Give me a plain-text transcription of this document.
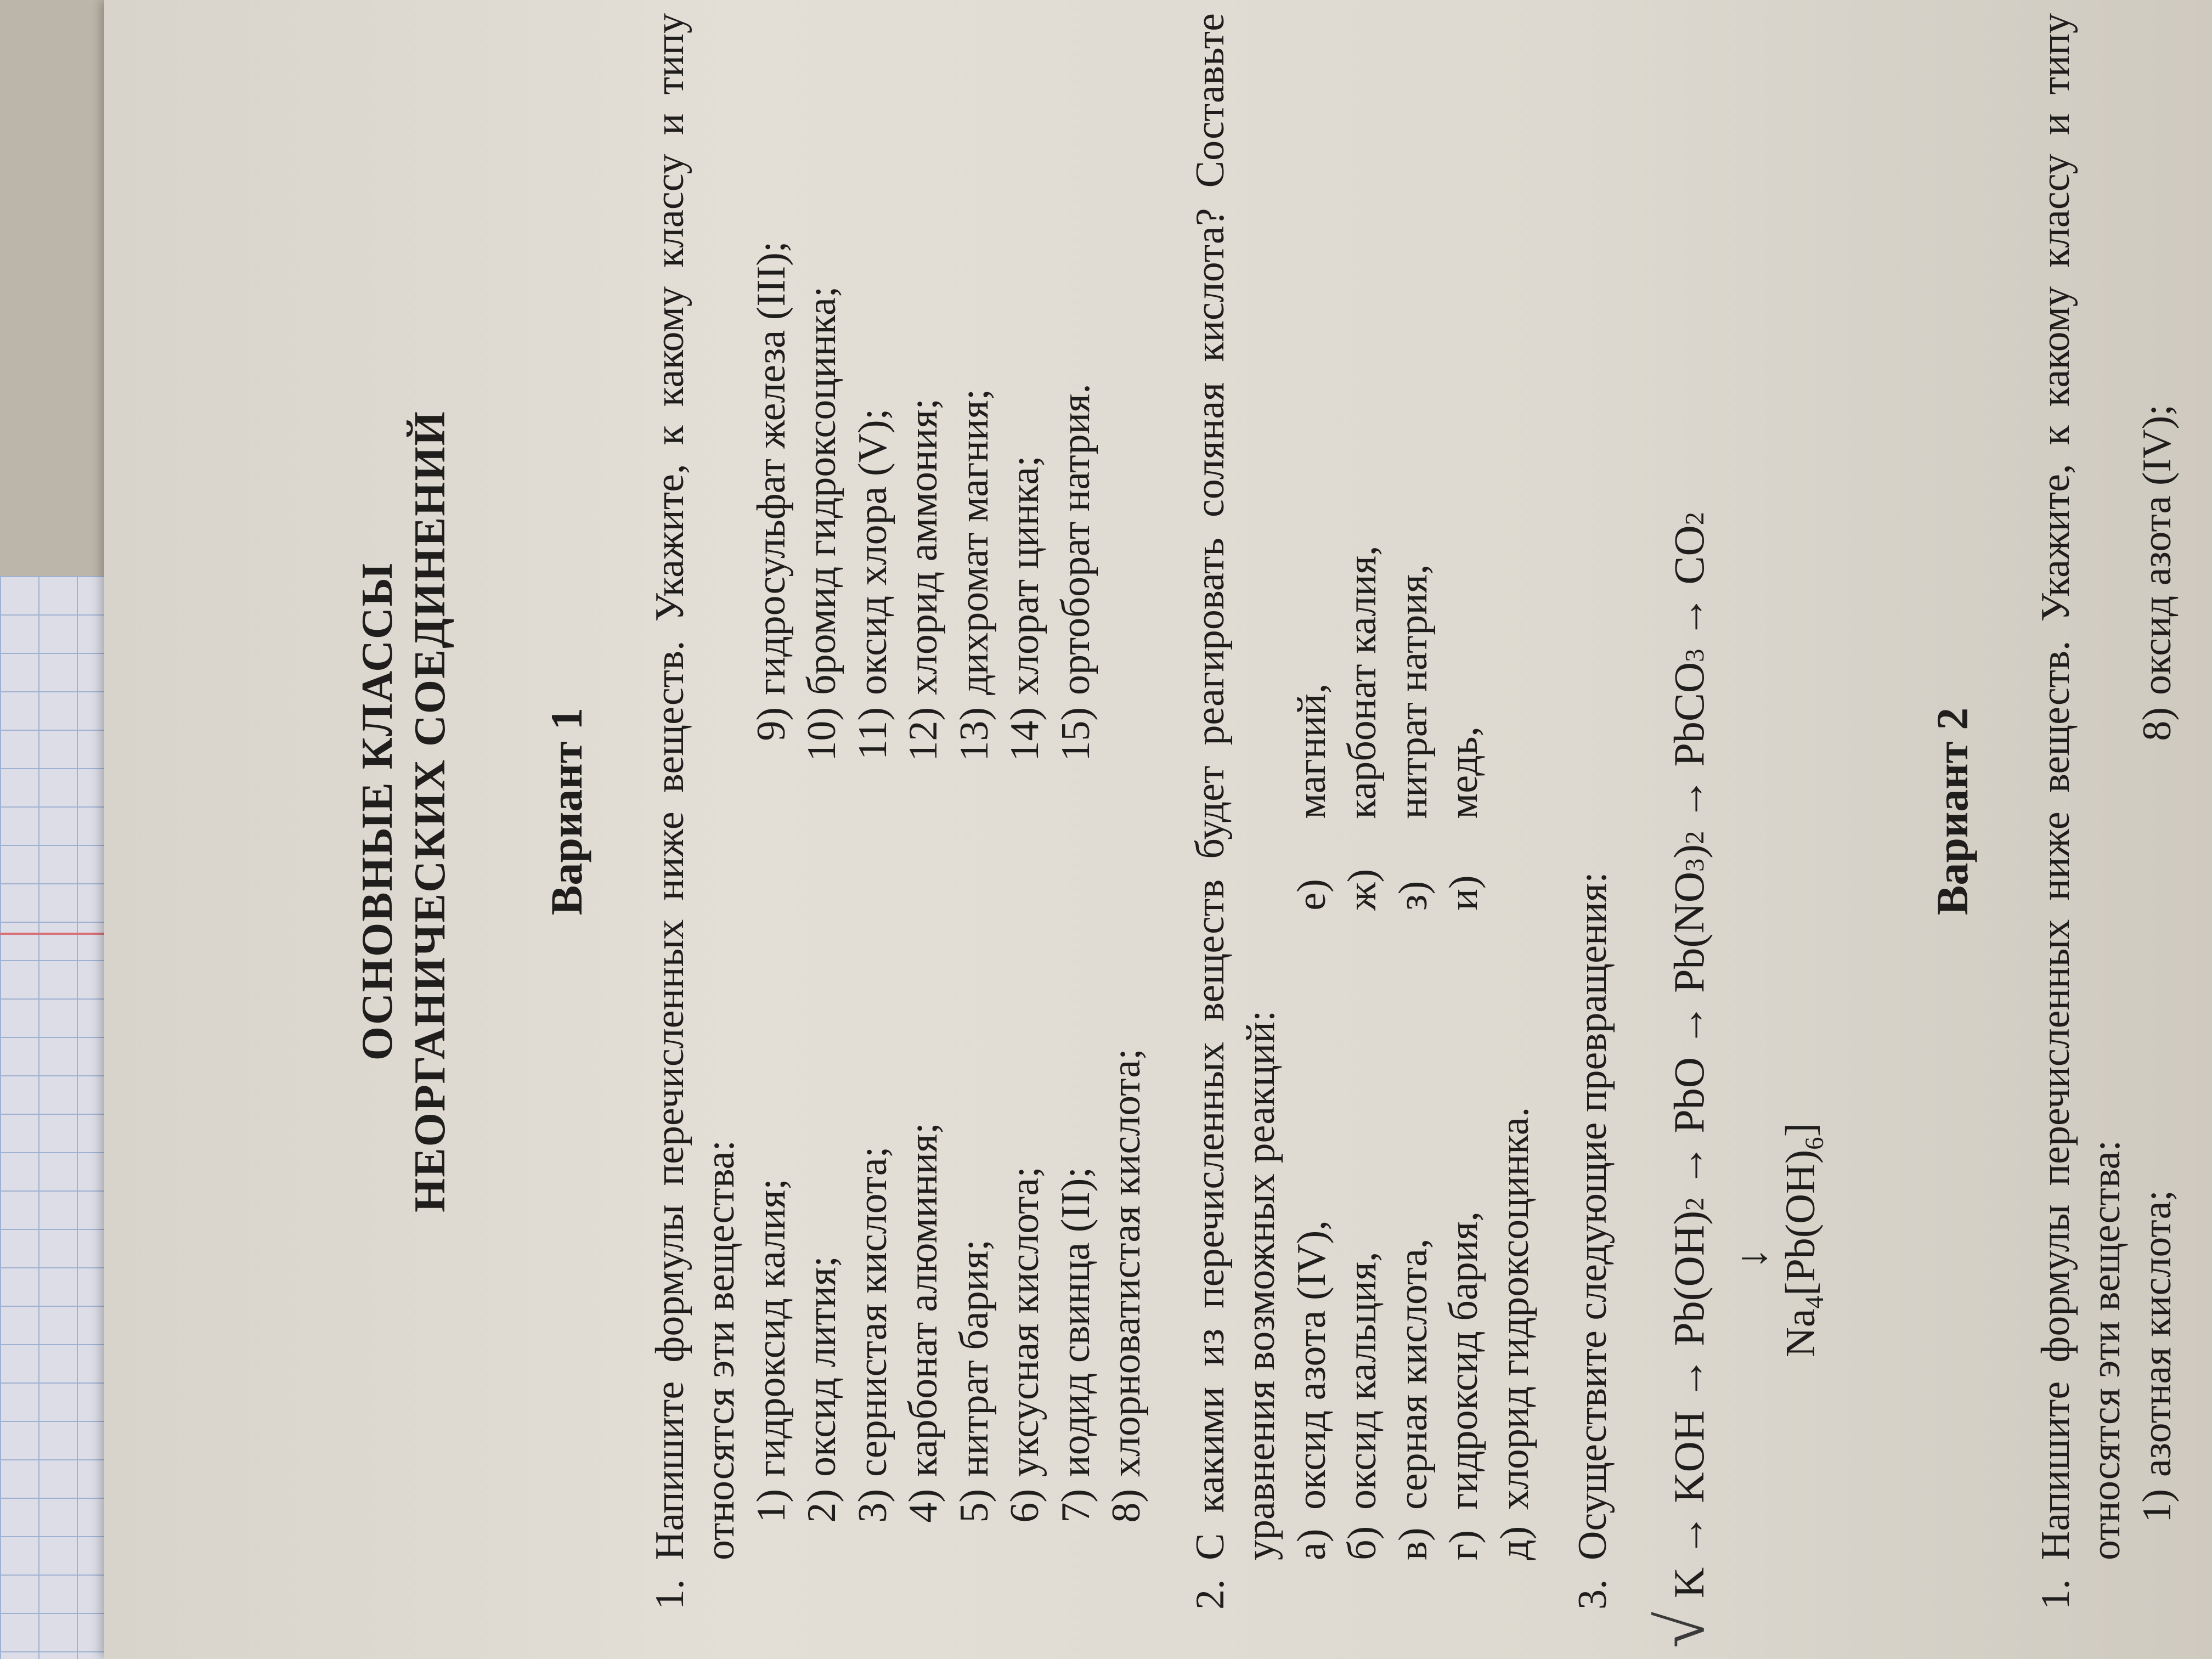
ОСНОВНЫЕ КЛАССЫ НЕОРГАНИЧЕСКИХ СОЕДИНЕНИЙ Вариант 1
1.
Напишите формулы перечисленных ниже веществ. Укажите, к какому классу и типу относятся эти вещества: 1)
гидроксид калия;
2)
оксид лития;
3)
сернистая кислота;
4)
карбонат алюминия;
5)
нитрат бария;
6)
уксусная кислота;
7)
иодид свинца (II);
8)
хлорноватистая кислота;
9)
гидросульфат железа (III);
10)
бромид гидроксоцинка;
11)
оксид хлора (V);
12)
хлорид аммония;
13)
дихромат магния;
14)
хлорат цинка;
15)
ортоборат натрия.
2.
С какими из перечисленных веществ будет реагировать соляная кислота? Составьте уравнения возможных реакций: а)
оксид азота (IV),
б)
оксид кальция,
в)
серная кислота,
г)
гидроксид бария,
д)
хлорид гидроксоцинка.
е)
магний,
ж)
карбонат калия,
з)
нитрат натрия,
и)
медь,
3.
Осуществите следующие превращения:
√
K

→

KOH

→

Pb(OH)
2

→

PbO

→

Pb(NO
3
)
2

→

PbCO
3

→

CO
2
↓
$Na_4[Pb(OH)_6]$
Вариант 2
1.
Напишите формулы перечисленных ниже веществ. Укажите, к какому классу и типу относятся эти вещества: 1)
азотная кислота;
8)
оксид азота (IV);
